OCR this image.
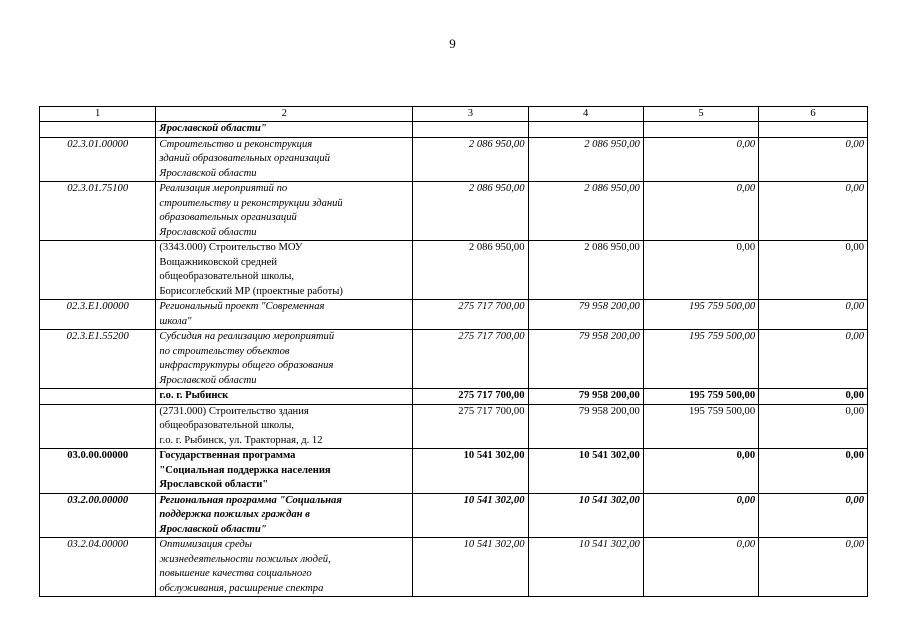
9
1	2	3	4	5	6

	Ярославской области"				

02.3.01.00000	Строительство и реконструкция
зданий образовательных организаций
Ярославской области	2 086 950,00	2 086 950,00	0,00	0,00
02.3.01.75100	Реализация мероприятий по
строительству и реконструкции зданий
образовательных организаций
Ярославской области	2 086 950,00	2 086 950,00	0,00	0,00

	(3343.000) Строительство МОУ
Вощажниковской средней
общеобразовательной школы,
Борисоглебский МР (проектные работы)	2 086 950,00	2 086 950,00	0,00	0,00
02.3.E1.00000	Региональный проект "Современная
школа"	275 717 700,00	79 958 200,00	195 759 500,00	0,00
02.3.E1.55200	Субсидия на реализацию мероприятий
по строительству объектов
инфраструктуры общего образования
Ярославской области	275 717 700,00	79 958 200,00	195 759 500,00	0,00

	г.о. г. Рыбинск	275 717 700,00	79 958 200,00	195 759 500,00	0,00

	(2731.000) Строительство здания
общеобразовательной школы,
г.о. г. Рыбинск, ул. Тракторная, д. 12	275 717 700,00	79 958 200,00	195 759 500,00	0,00
03.0.00.00000	Государственная программа
"Социальная поддержка населения
Ярославской области"	10 541 302,00	10 541 302,00	0,00	0,00
03.2.00.00000	Региональная программа "Социальная
поддержка пожилых граждан в
Ярославской области"	10 541 302,00	10 541 302,00	0,00	0,00
03.2.04.00000	Оптимизация среды
жизнедеятельности пожилых людей,
повышение качества социального
обслуживания, расширение спектра	10 541 302,00	10 541 302,00	0,00	0,00
